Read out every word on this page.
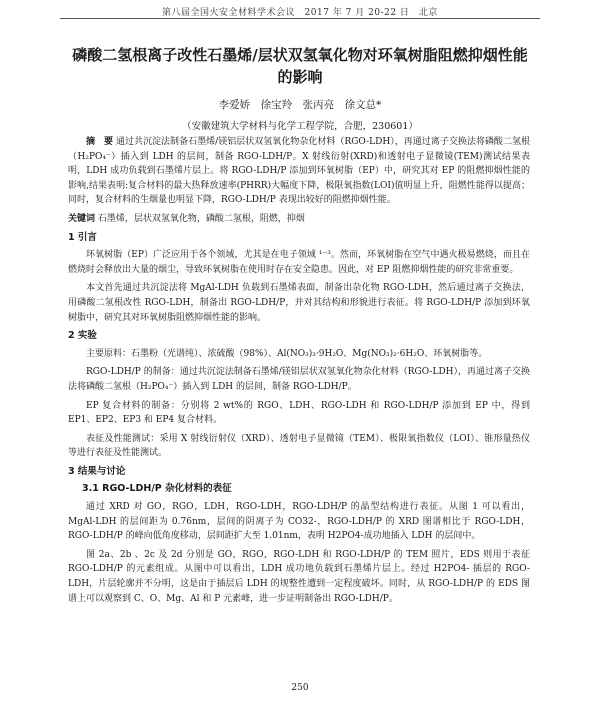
第八届全国火安全材料学术会议　2017 年 7 月 20-22 日　北京
磷酸二氢根离子改性石墨烯/层状双氢氧化物对环氧树脂阻燃抑烟性能的影响
李爱娇　徐宝羚　张丙亮　徐文总*
（安徽建筑大学材料与化学工程学院，合肥，230601）

摘　要 通过共沉淀法制备石墨烯/镁铝层状双氢氧化物杂化材料（RGO-LDH），再通过离子交换法将磷酸二氢根（H₂PO₄⁻）插入到 LDH 的层间，制备 RGO-LDH/P。X 射线衍射(XRD)和透射电子显微镜(TEM)测试结果表明，LDH 成功负载到石墨烯片层上。将 RGO-LDH/P 添加到环氧树脂（EP）中，研究其对 EP 的阻燃抑烟性能的影响,结果表明:复合材料的最大热释放速率(PHRR)大幅度下降，极限氧指数(LOI)值明显上升，阻燃性能得以提高；同时，复合材料的生烟量也明显下降，RGO-LDH/P 表现出较好的阻燃抑烟性能。

关键词 石墨烯，层状双氢氧化物，磷酸二氢根，阻燃，抑烟

1 引言

环氧树脂（EP）广泛应用于各个领域，尤其是在电子领域 ¹⁻³。然而，环氧树脂在空气中遇火极易燃烧，而且在燃烧时会释放出大量的烟尘，导致环氧树脂在使用时存在安全隐患。因此，对 EP 阻燃抑烟性能的研究非常重要。

本文首先通过共沉淀法将 MgAl-LDH 负载到石墨烯表面，制备出杂化物 RGO-LDH，然后通过离子交换法，用磷酸二氢根改性 RGO-LDH，制备出 RGO-LDH/P，并对其结构和形貌进行表征。将 RGO-LDH/P 添加到环氧树脂中，研究其对环氧树脂阻燃抑烟性能的影响。

2 实验

主要原料：石墨粉（光谱纯）、浓硫酸（98%）、Al(NO₃)₃·9H₂O、Mg(NO₃)₂·6H₂O、环氧树脂等。

RGO-LDH/P 的制备：通过共沉淀法制备石墨烯/镁铝层状双氢氧化物杂化材料（RGO-LDH），再通过离子交换法将磷酸二氢根（H₂PO₄⁻）插入到 LDH 的层间，制备 RGO-LDH/P。

EP 复合材料的制备：分别将 2 wt%的 RGO、LDH、RGO-LDH 和 RGO-LDH/P 添加到 EP 中，得到 EP1、EP2、EP3 和 EP4 复合材料。

表征及性能测试：采用 X 射线衍射仪（XRD）、透射电子显微镜（TEM）、极限氧指数仪（LOI）、锥形量热仪等进行表征及性能测试。

3 结果与讨论
3.1 RGO-LDH/P 杂化材料的表征

通过 XRD 对 GO，RGO，LDH，RGO-LDH，RGO-LDH/P 的晶型结构进行表征。从图 1 可以看出，MgAl-LDH 的层间距为 0.76nm，层间的阴离子为 CO32-，RGO-LDH/P 的 XRD 图谱相比于 RGO-LDH，RGO-LDH/P 的峰向低角度移动，层间距扩大至 1.01nm，表明 H2PO4-成功地插入 LDH 的层间中。

图 2a、2b 、2c 及 2d 分别是 GO，RGO，RGO-LDH 和 RGO-LDH/P 的 TEM 照片，EDS 则用于表征 RGO-LDH/P 的元素组成。从图中可以看出，LDH 成功地负载到石墨烯片层上。经过 H2PO4- 插层的 RGO-LDH，片层轮廓并不分明，这是由于插层后 LDH 的规整性遭到一定程度破坏。同时，从 RGO-LDH/P 的 EDS 图谱上可以观察到 C、O、Mg、Al 和 P 元素峰，进一步证明制备出 RGO-LDH/P。

250
